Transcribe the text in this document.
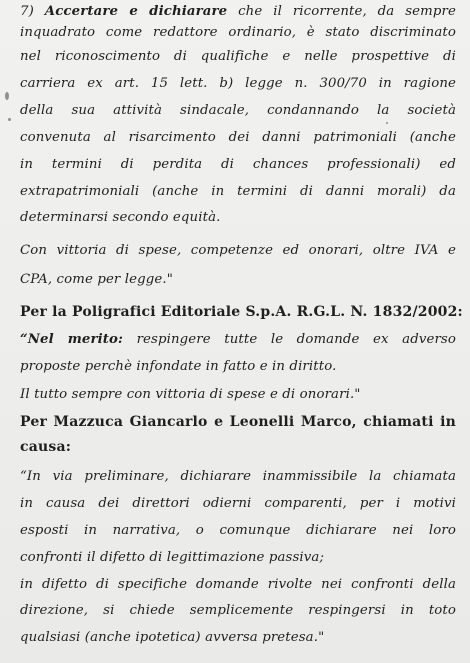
7) Accertare e dichiarare che il ricorrente, da sempre
inquadrato come redattore ordinario, è stato discriminato
nel riconoscimento di qualifiche e nelle prospettive di
carriera ex art. 15 lett. b) legge n. 300/70 in ragione
della sua attività sindacale, condannando la società
convenuta al risarcimento dei danni patrimoniali (anche
in termini di perdita di chances professionali) ed
extrapatrimoniali (anche in termini di danni morali) da
determinarsi secondo equità.
Con vittoria di spese, competenze ed onorari, oltre IVA e
CPA, come per legge."
Per la Poligrafici Editoriale S.p.A. R.G.L. N. 1832/2002:
“Nel merito: respingere tutte le domande ex adverso
proposte perchè infondate in fatto e in diritto.
Il tutto sempre con vittoria di spese e di onorari."
Per Mazzuca Giancarlo e Leonelli Marco, chiamati in
causa:
“In via preliminare, dichiarare inammissibile la chiamata
in causa dei direttori odierni comparenti, per i motivi
esposti in narrativa, o comunque dichiarare nei loro
confronti il difetto di legittimazione passiva;
in difetto di specifiche domande rivolte nei confronti della
direzione, si chiede semplicemente respingersi in toto
qualsiasi (anche ipotetica) avversa pretesa."
